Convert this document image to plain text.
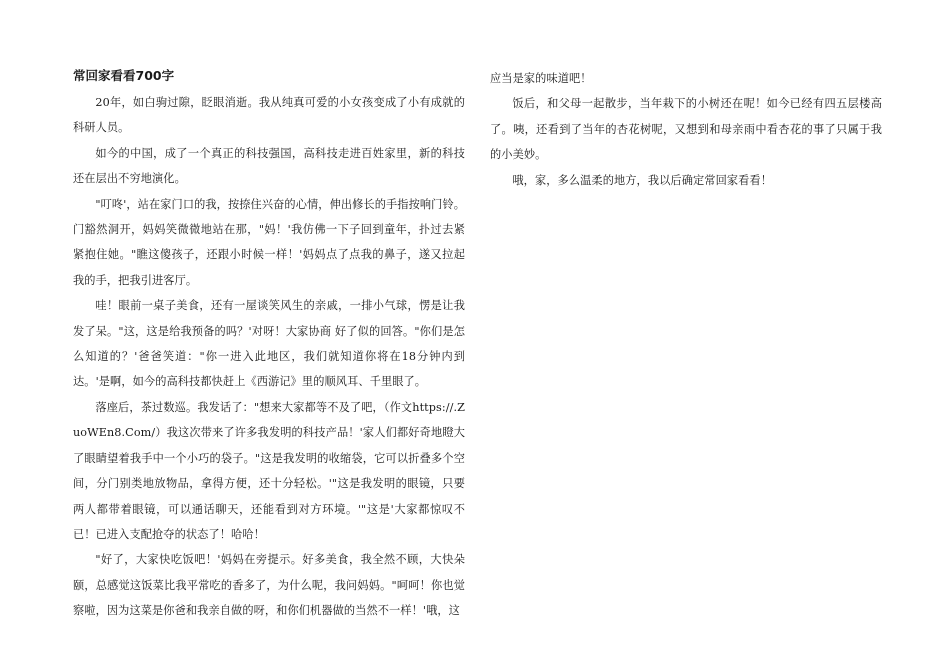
常回家看看700字

20年，如白驹过隙，眨眼消逝。我从纯真可爱的小女孩变成了小有成就的科研人员。

如今的中国，成了一个真正的科技强国，高科技走进百姓家里，新的科技还在层出不穷地演化。

"叮咚'，站在家门口的我，按捺住兴奋的心情，伸出修长的手指按响门铃。门豁然洞开，妈妈笑微微地站在那，"妈！'我仿佛一下子回到童年，扑过去紧紧抱住她。"瞧这傻孩子，还跟小时候一样！'妈妈点了点我的鼻子，遂又拉起我的手，把我引进客厅。

哇！眼前一桌子美食，还有一屋谈笑风生的亲戚，一排小气球，愣是让我发了呆。"这，这是给我预备的吗？'对呀！大家协商 好了似的回答。"你们是怎么知道的？'爸爸笑道："你一进入此地区，我们就知道你将在18分钟内到达。'是啊，如今的高科技都快赶上《西游记》里的顺风耳、千里眼了。

落座后，茶过数巡。我发话了："想来大家都等不及了吧，（作文https://.ZuoWEn8.Com/）我这次带来了许多我发明的科技产品！'家人们都好奇地瞪大了眼睛望着我手中一个小巧的袋子。"这是我发明的收缩袋，它可以折叠多个空间，分门别类地放物品，拿得方便，还十分轻松。'"这是我发明的眼镜，只要两人都带着眼镜，可以通话聊天，还能看到对方环境。'"这是'大家都惊叹不已！已进入支配抢夺的状态了！哈哈！

"好了，大家快吃饭吧！'妈妈在旁提示。好多美食，我全然不顾，大快朵颐，总感觉这饭菜比我平常吃的香多了，为什么呢，我问妈妈。"呵呵！你也觉察啦，因为这菜是你爸和我亲自做的呀，和你们机器做的当然不一样！'哦，这

应当是家的味道吧！

饭后，和父母一起散步，当年栽下的小树还在呢！如今已经有四五层楼高了。咦，还看到了当年的杏花树呢，又想到和母亲雨中看杏花的事了只属于我的小美妙。

哦，家，多么温柔的地方，我以后确定常回家看看！
